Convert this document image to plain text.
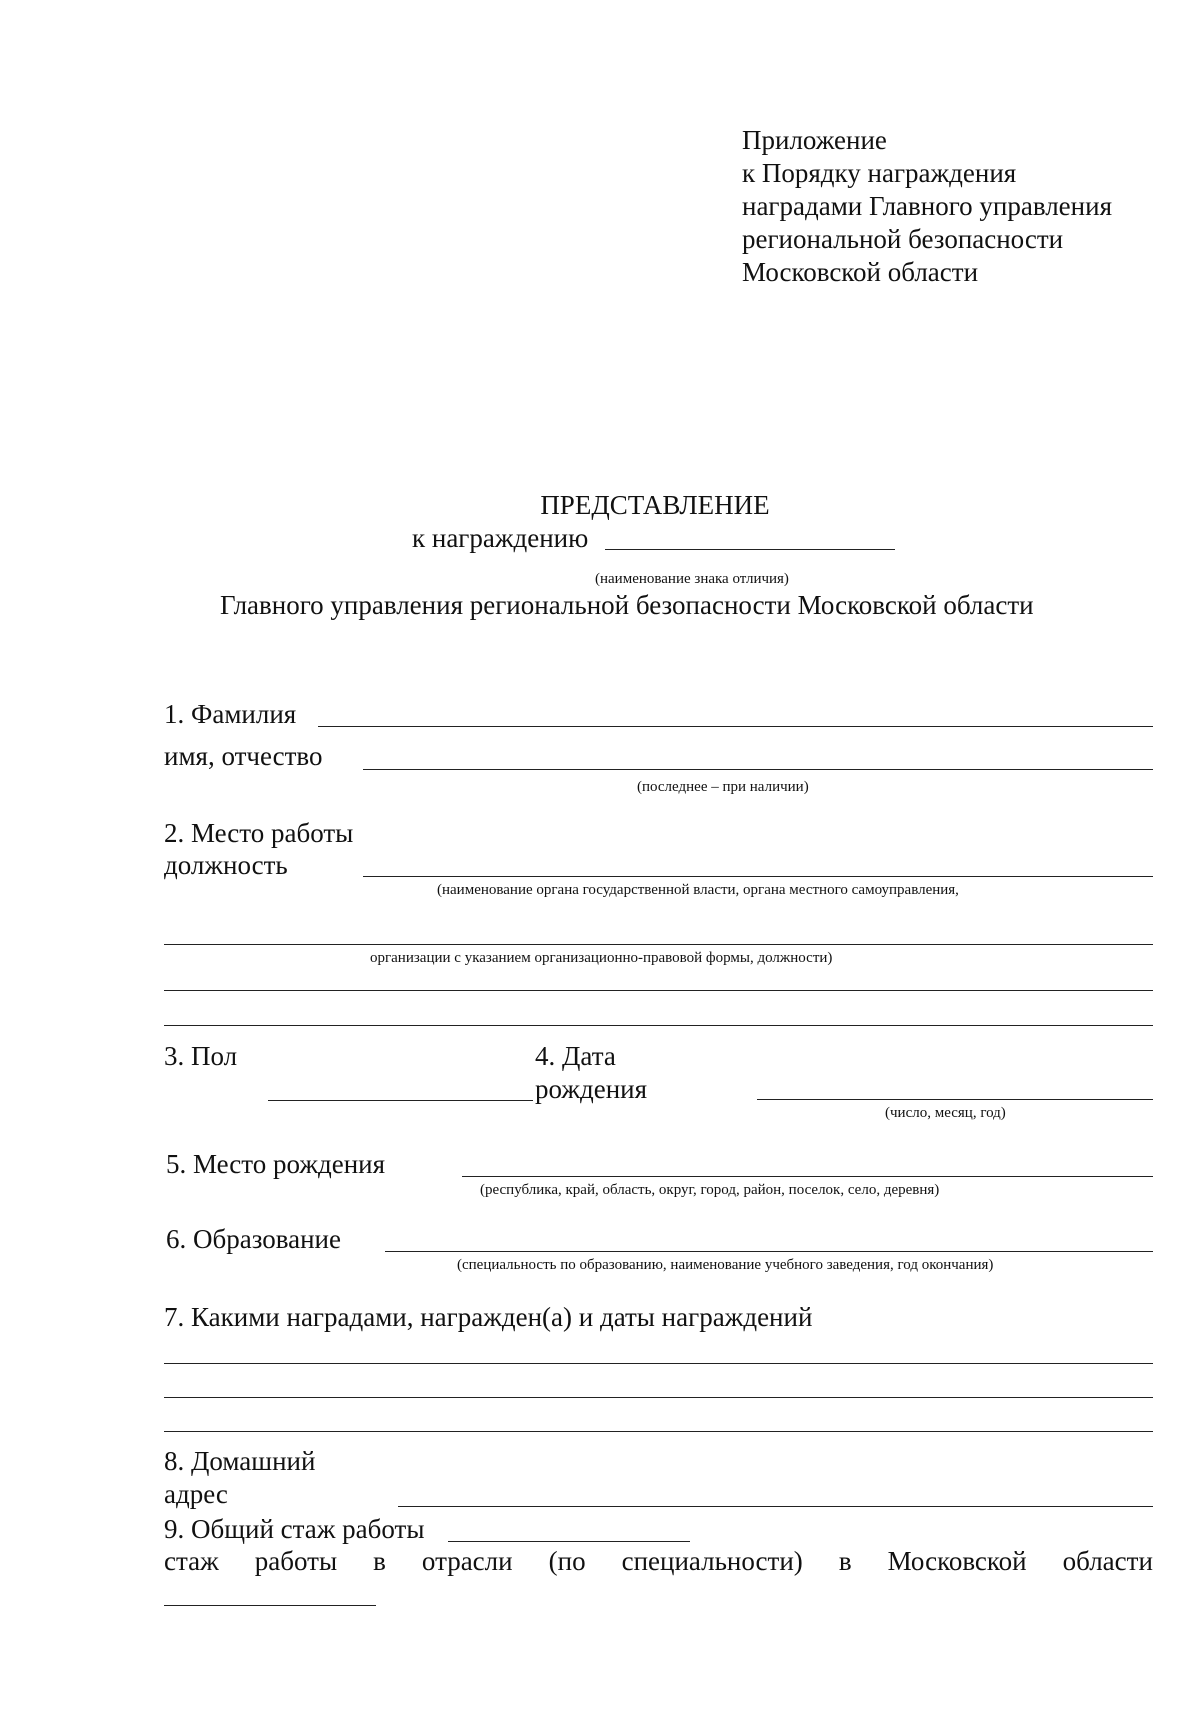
Приложение
к Порядку награждения
наградами Главного управления
региональной безопасности
Московской области
ПРЕДСТАВЛЕНИЕ
к награждению
(наименование знака отличия)
Главного управления региональной безопасности Московской области
1. Фамилия
имя, отчество
(последнее – при наличии)
2. Место работы
должность
(наименование органа государственной власти, органа местного самоуправления,
организации с указанием организационно-правовой формы, должности)
3. Пол	4. Дата
рождения
(число, месяц, год)
5. Место рождения
(республика, край, область, округ, город, район, поселок, село, деревня)
6. Образование
(специальность по образованию, наименование учебного заведения, год окончания)
7. Какими наградами, награжден(а) и даты награждений
8. Домашний
адрес
9. Общий стаж работы
стаж работы в отрасли (по специальности) в Московской области
